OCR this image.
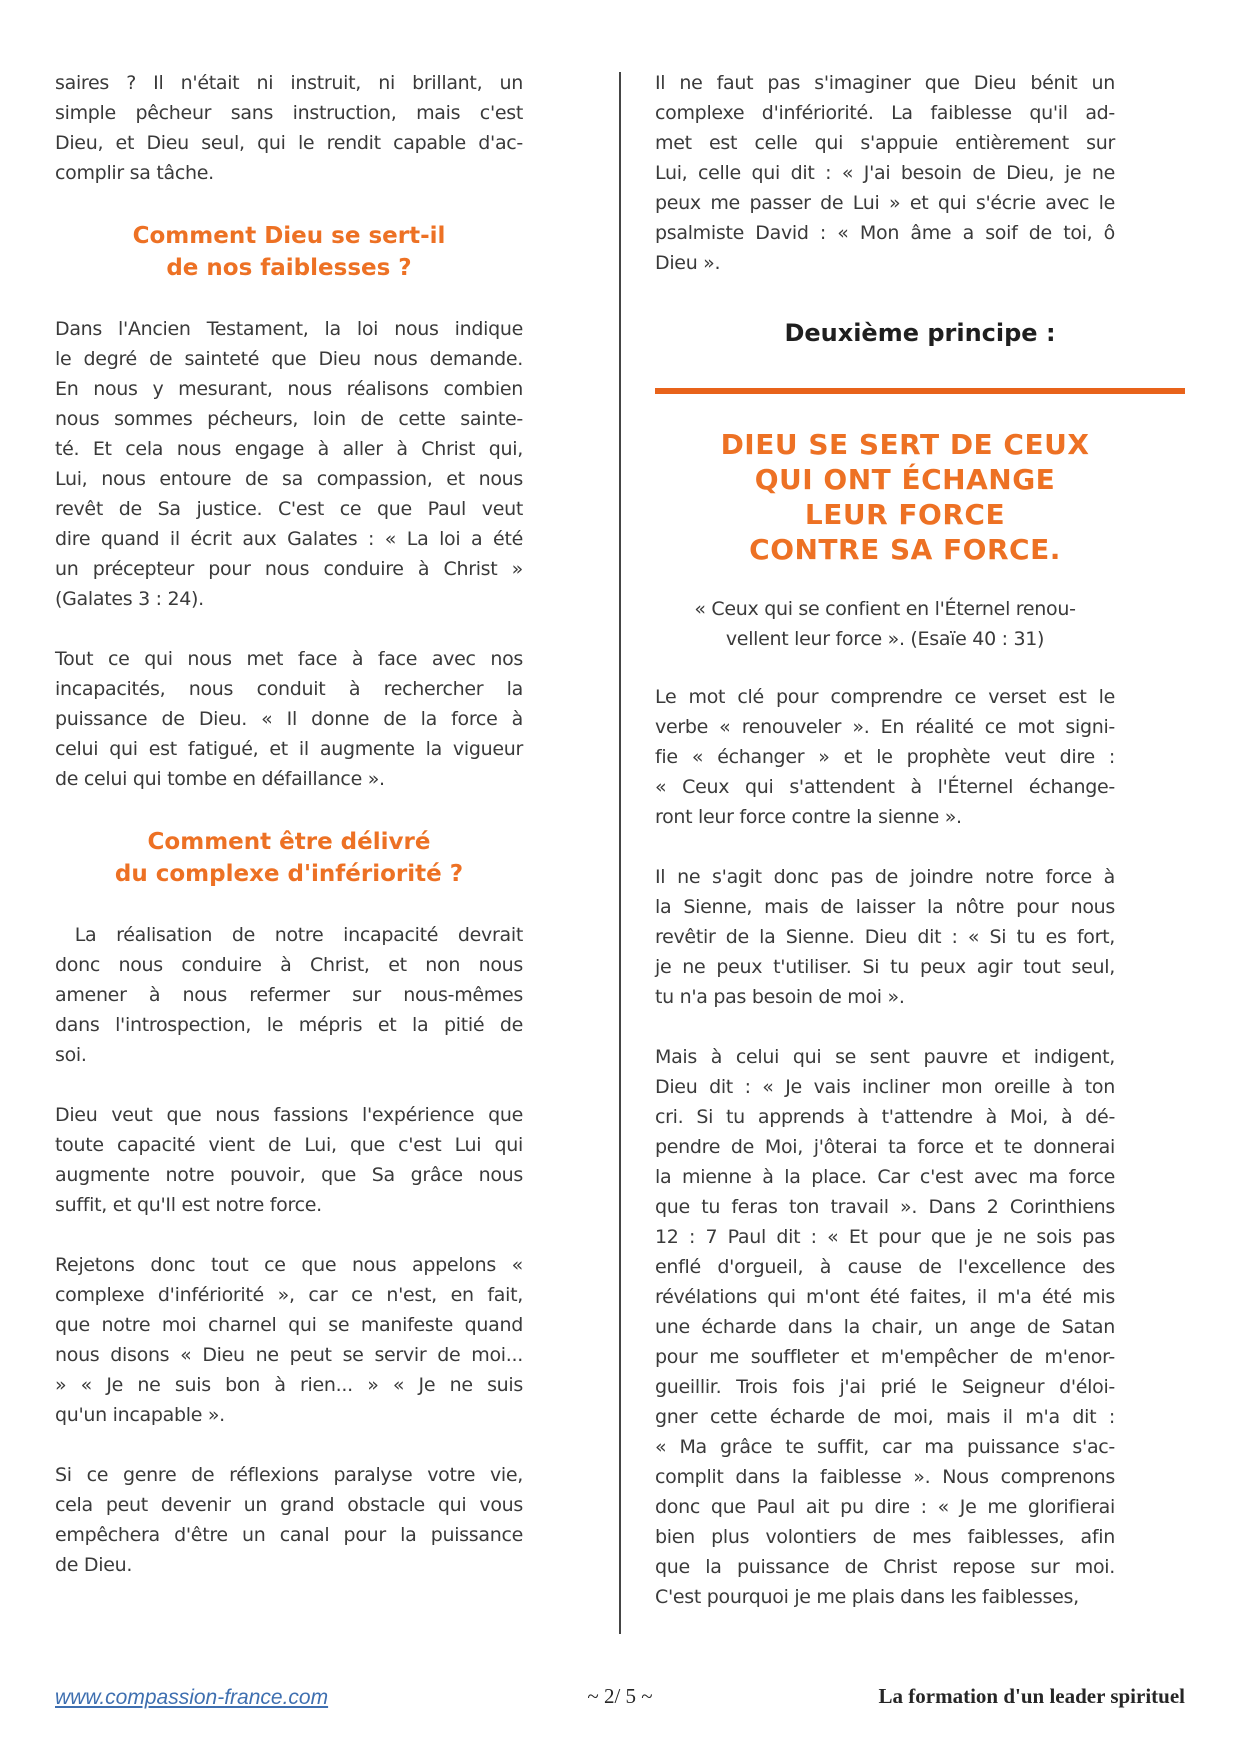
saires ? Il n'était ni instruit, ni brillant, un
simple pêcheur sans instruction, mais c'est
Dieu, et Dieu seul, qui le rendit capable d'ac-
complir sa tâche.
Comment Dieu se sert-il
de nos faiblesses ?
Dans l'Ancien Testament, la loi nous indique
le degré de sainteté que Dieu nous demande.
En nous y mesurant, nous réalisons combien
nous sommes pécheurs, loin de cette sainte-
té. Et cela nous engage à aller à Christ qui,
Lui, nous entoure de sa compassion, et nous
revêt de Sa justice. C'est ce que Paul veut
dire quand il écrit aux Galates : « La loi a été
un précepteur pour nous conduire à Christ »
(Galates 3 : 24).
Tout ce qui nous met face à face avec nos
incapacités, nous conduit à rechercher la
puissance de Dieu. « Il donne de la force à
celui qui est fatigué, et il augmente la vigueur
de celui qui tombe en défaillance ».
Comment être délivré
du complexe d'infériorité ?
La réalisation de notre incapacité devrait
donc nous conduire à Christ, et non nous
amener à nous refermer sur nous-mêmes
dans l'introspection, le mépris et la pitié de
soi.
Dieu veut que nous fassions l'expérience que
toute capacité vient de Lui, que c'est Lui qui
augmente notre pouvoir, que Sa grâce nous
suffit, et qu'Il est notre force.
Rejetons donc tout ce que nous appelons «
complexe d'infériorité », car ce n'est, en fait,
que notre moi charnel qui se manifeste quand
nous disons « Dieu ne peut se servir de moi...
» « Je ne suis bon à rien... » « Je ne suis
qu'un incapable ».
Si ce genre de réflexions paralyse votre vie,
cela peut devenir un grand obstacle qui vous
empêchera d'être un canal pour la puissance
de Dieu.
Il ne faut pas s'imaginer que Dieu bénit un
complexe d'infériorité. La faiblesse qu'il ad-
met est celle qui s'appuie entièrement sur
Lui, celle qui dit : « J'ai besoin de Dieu, je ne
peux me passer de Lui » et qui s'écrie avec le
psalmiste David : « Mon âme a soif de toi, ô
Dieu ».
Deuxième principe :
DIEU SE SERT DE CEUX
QUI ONT ÉCHANGE
LEUR FORCE
CONTRE SA FORCE.
« Ceux qui se confient en l'Éternel renou-
vellent leur force ». (Esaïe 40 : 31)
Le mot clé pour comprendre ce verset est le
verbe « renouveler ». En réalité ce mot signi-
fie « échanger » et le prophète veut dire :
« Ceux qui s'attendent à l'Éternel échange-
ront leur force contre la sienne ».
Il ne s'agit donc pas de joindre notre force à
la Sienne, mais de laisser la nôtre pour nous
revêtir de la Sienne. Dieu dit : « Si tu es fort,
je ne peux t'utiliser. Si tu peux agir tout seul,
tu n'a pas besoin de moi ».
Mais à celui qui se sent pauvre et indigent,
Dieu dit : « Je vais incliner mon oreille à ton
cri. Si tu apprends à t'attendre à Moi, à dé-
pendre de Moi, j'ôterai ta force et te donnerai
la mienne à la place. Car c'est avec ma force
que tu feras ton travail ». Dans 2 Corinthiens
12 : 7 Paul dit : « Et pour que je ne sois pas
enflé d'orgueil, à cause de l'excellence des
révélations qui m'ont été faites, il m'a été mis
une écharde dans la chair, un ange de Satan
pour me souffleter et m'empêcher de m'enor-
gueillir. Trois fois j'ai prié le Seigneur d'éloi-
gner cette écharde de moi, mais il m'a dit :
« Ma grâce te suffit, car ma puissance s'ac-
complit dans la faiblesse ». Nous comprenons
donc que Paul ait pu dire : « Je me glorifierai
bien plus volontiers de mes faiblesses, afin
que la puissance de Christ repose sur moi.
C'est pourquoi je me plais dans les faiblesses,
www.compassion-france.com	~ 2/ 5 ~	La formation d'un leader spirituel
